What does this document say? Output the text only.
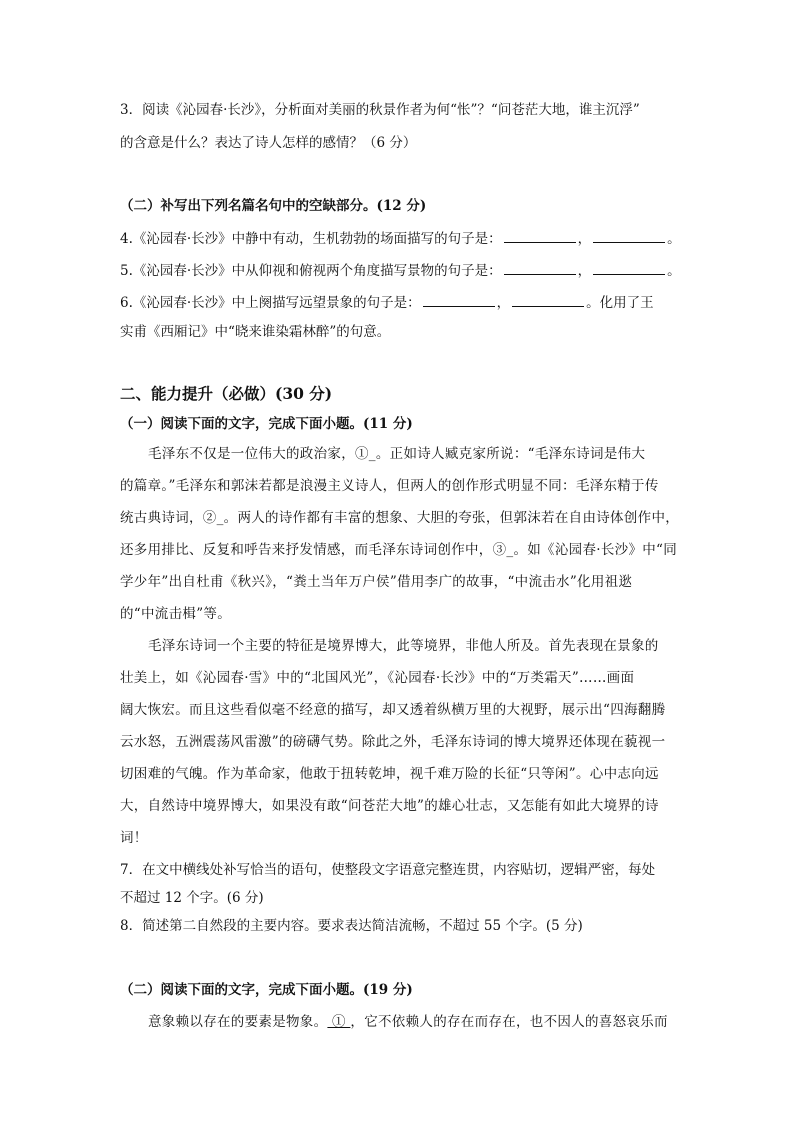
3．阅读《沁园春·长沙》，分析面对美丽的秋景作者为何“怅”？“问苍茫大地，谁主沉浮”
的含意是什么？表达了诗人怎样的感情？（6 分）
（二）补写出下列名篇名句中的空缺部分。(12 分)
4.《沁园春·长沙》中静中有动，生机勃勃的场面描写的句子是：	，	。
5.《沁园春·长沙》中从仰视和俯视两个角度描写景物的句子是：	，	。
6.《沁园春·长沙》中上阕描写远望景象的句子是：	，	。化用了王
实甫《西厢记》中“晓来谁染霜林醉”的句意。
二、能力提升（必做）(30 分)
（一）阅读下面的文字，完成下面小题。(11 分)
毛泽东不仅是一位伟大的政治家，①_。正如诗人臧克家所说：“毛泽东诗词是伟大
的篇章。”毛泽东和郭沫若都是浪漫主义诗人，但两人的创作形式明显不同：毛泽东精于传
统古典诗词，②_。两人的诗作都有丰富的想象、大胆的夸张，但郭沫若在自由诗体创作中，
还多用排比、反复和呼告来抒发情感，而毛泽东诗词创作中，③_。如《沁园春·长沙》中“同
学少年”出自杜甫《秋兴》，“粪土当年万户侯”借用李广的故事，“中流击水”化用祖逖
的“中流击楫”等。
毛泽东诗词一个主要的特征是境界博大，此等境界，非他人所及。首先表现在景象的
壮美上，如《沁园春·雪》中的“北国风光”，《沁园春·长沙》中的“万类霜天”……画面
阔大恢宏。而且这些看似毫不经意的描写，却又透着纵横万里的大视野，展示出“四海翻腾
云水怒，五洲震荡风雷激”的磅礴气势。除此之外，毛泽东诗词的博大境界还体现在藐视一
切困难的气魄。作为革命家，他敢于扭转乾坤，视千难万险的长征“只等闲”。心中志向远
大，自然诗中境界博大，如果没有敢“问苍茫大地”的雄心壮志，又怎能有如此大境界的诗
词！
7．在文中横线处补写恰当的语句，使整段文字语意完整连贯，内容贴切，逻辑严密，每处
不超过 12 个字。(6 分)
8．简述第二自然段的主要内容。要求表达简洁流畅，不超过 55 个字。(5 分)
（二）阅读下面的文字，完成下面小题。(19 分)
意象赖以存在的要素是物象。 ① ，它不依赖人的存在而存在，也不因人的喜怒哀乐而
